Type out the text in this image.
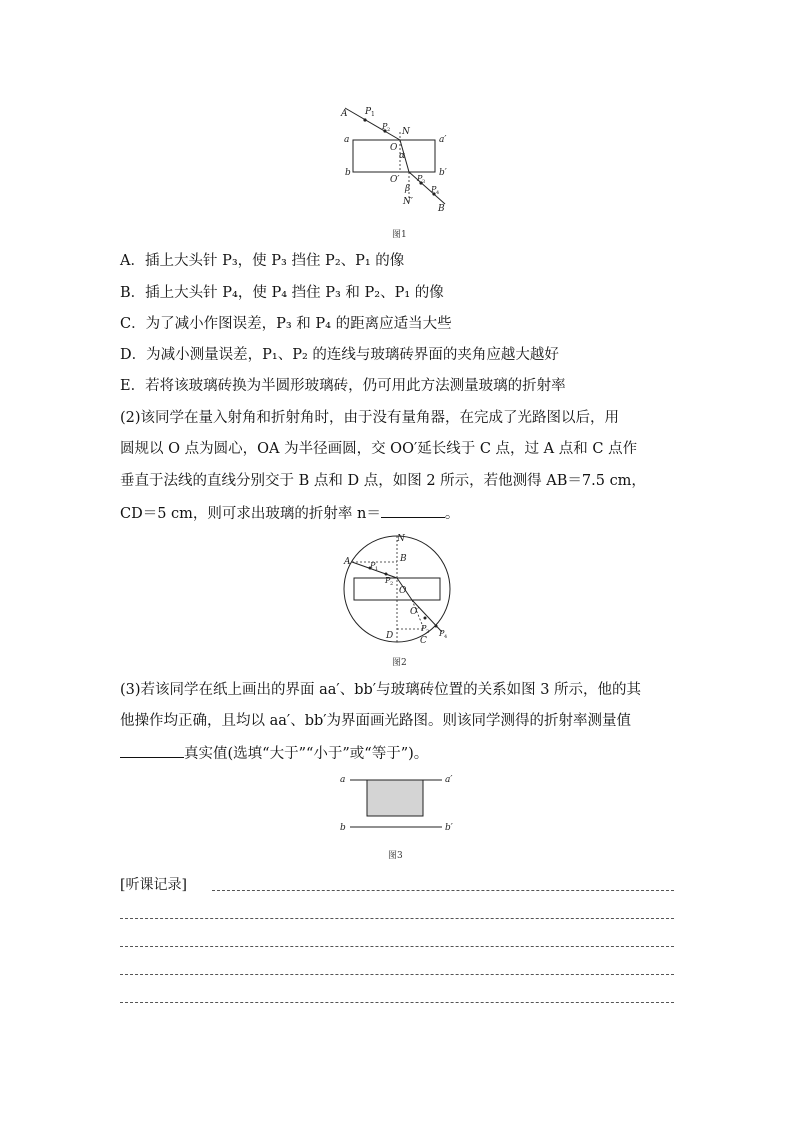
A P 1
P 2 N
a	a′
O
α
b	b′
O′
β
P 3
P 4
N′
B
图1
A．插上大头针 P₃，使 P₃ 挡住 P₂、P₁ 的像
B．插上大头针 P₄，使 P₄ 挡住 P₃ 和 P₂、P₁ 的像
C．为了减小作图误差，P₃ 和 P₄ 的距离应适当大些
D．为减小测量误差，P₁、P₂ 的连线与玻璃砖界面的夹角应越大越好
E．若将该玻璃砖换为半圆形玻璃砖，仍可用此方法测量玻璃的折射率
(2)该同学在量入射角和折射角时，由于没有量角器，在完成了光路图以后，用
圆规以 O 点为圆心，OA 为半径画圆，交 OO′延长线于 C 点，过 A 点和 C 点作
垂直于法线的直线分别交于 B 点和 D 点，如图 2 所示，若他测得 AB＝7.5 cm，
CD＝5 cm，则可求出玻璃的折射率 n＝	。
N
B
A P 1
P 2
O
O′
D
P 3
C
P 4
图2
(3)若该同学在纸上画出的界面 aa′、bb′与玻璃砖位置的关系如图 3 所示，他的其
他操作均正确，且均以 aa′、bb′为界面画光路图。则该同学测得的折射率测量值
真实值(选填“大于”“小于”或“等于”)。
a	a′
b	b′
图3
[听课记录]
